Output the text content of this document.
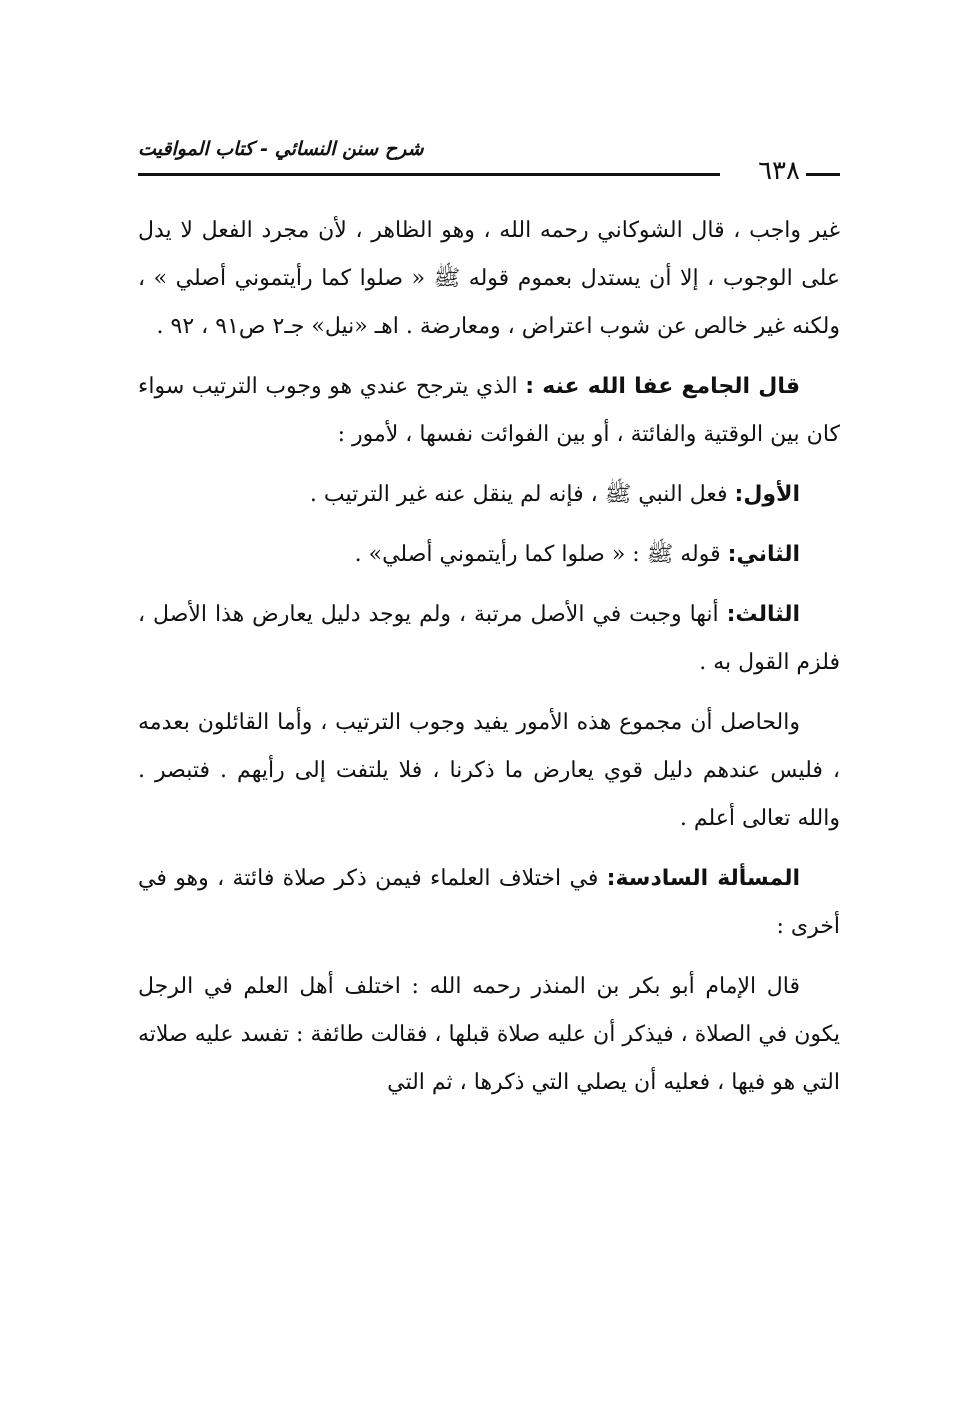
شرح سنن النسائي - كتاب المواقيت
٦٣٨

غير واجب ، قال الشوكاني رحمه الله ، وهو الظاهر ، لأن مجرد الفعل لا يدل على الوجوب ، إلا أن يستدل بعموم قوله ﷺ « صلوا كما رأيتموني أصلي » ، ولكنه غير خالص عن شوب اعتراض ، ومعارضة . اهـ «نيل» جـ٢ ص٩١ ، ٩٢ .

قال الجامع عفا الله عنه : الذي يترجح عندي هو وجوب الترتيب سواء كان بين الوقتية والفائتة ، أو بين الفوائت نفسها ، لأمور :

الأول: فعل النبي ﷺ ، فإنه لم ينقل عنه غير الترتيب .

الثاني: قوله ﷺ : « صلوا كما رأيتموني أصلي» .

الثالث: أنها وجبت في الأصل مرتبة ، ولم يوجد دليل يعارض هذا الأصل ، فلزم القول به .

والحاصل أن مجموع هذه الأمور يفيد وجوب الترتيب ، وأما القائلون بعدمه ، فليس عندهم دليل قوي يعارض ما ذكرنا ، فلا يلتفت إلى رأيهم . فتبصر . والله تعالى أعلم .

المسألة السادسة: في اختلاف العلماء فيمن ذكر صلاة فائتة ، وهو في أخرى :

قال الإمام أبو بكر بن المنذر رحمه الله : اختلف أهل العلم في الرجل يكون في الصلاة ، فيذكر أن عليه صلاة قبلها ، فقالت طائفة : تفسد عليه صلاته التي هو فيها ، فعليه أن يصلي التي ذكرها ، ثم التي
